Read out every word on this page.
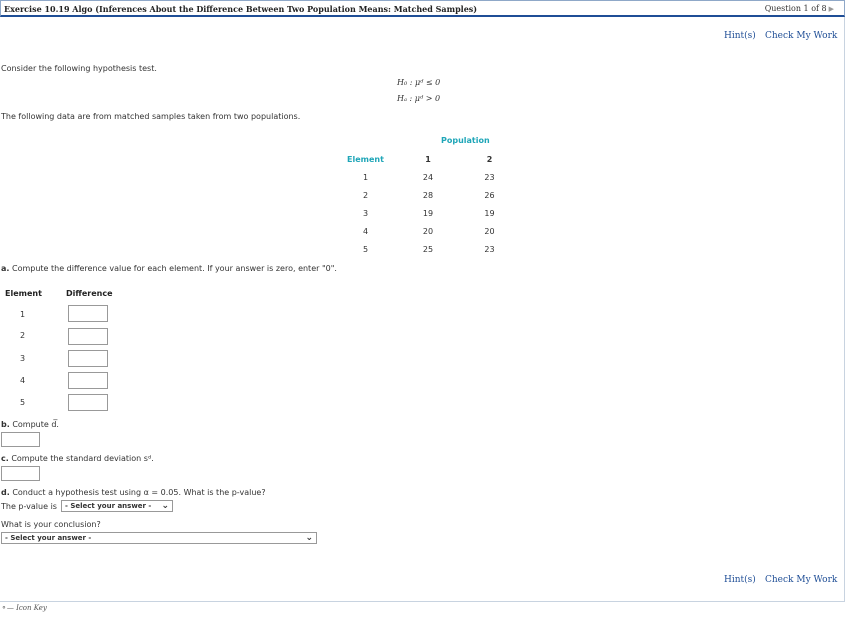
Exercise 10.19 Algo (Inferences About the Difference Between Two Population Means: Matched Samples)	Question 1 of 8 ▶
Hint(s) Check My Work
Consider the following hypothesis test.
H₀ : μᵈ ≤ 0
Hₐ : μᵈ > 0
The following data are from matched samples taken from two populations.
Population
Element	1	2
1	24	23
2	28	26
3	19	19
4	20	20
5	25	23
a. Compute the difference value for each element. If your answer is zero, enter "0".
Element	Difference
1
2
3
4
5
b. Compute d̅.
c. Compute the standard deviation sᵈ.
d. Conduct a hypothesis test using α = 0.05. What is the p-value?
The p-value is	- Select your answer - ⌄
What is your conclusion?
- Select your answer -	⌄
Hint(s) Check My Work
⚬— Icon Key
